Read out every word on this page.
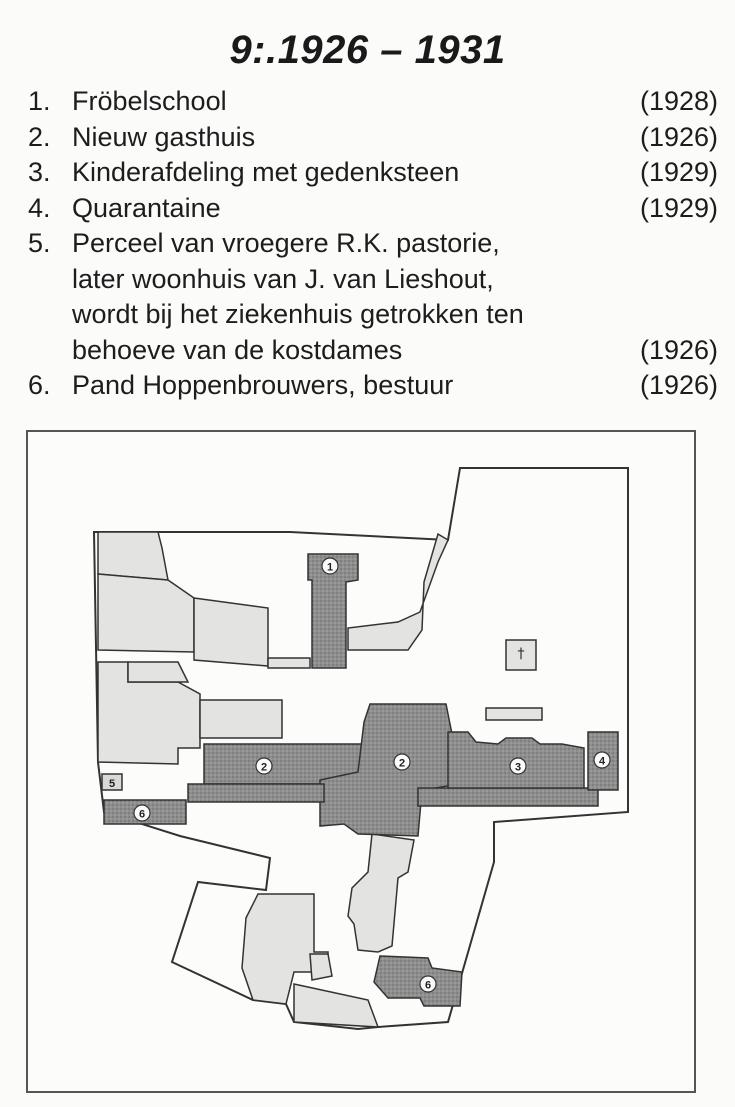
9:.1926 – 1931
1. Fröbelschool	(1928)
2. Nieuw gasthuis	(1926)
3. Kinderafdeling met gedenksteen	(1929)
4. Quarantaine	(1929)
5. Perceel van vroegere R.K. pastorie,
later woonhuis van J. van Lieshout,
wordt bij het ziekenhuis getrokken ten
behoeve van de kostdames	(1926)
6. Pand Hoppenbrouwers, bestuur	(1926)
†
1
2	2	3	4
5
6
6
